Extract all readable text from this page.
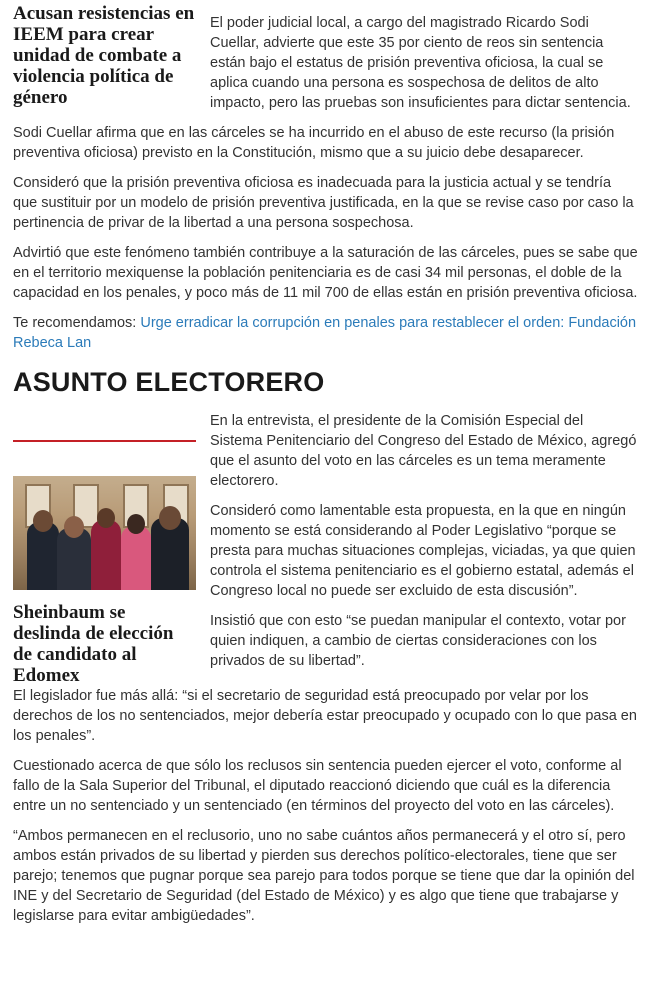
Acusan resistencias en IEEM para crear unidad de combate a violencia política de género

El poder judicial local, a cargo del magistrado Ricardo Sodi Cuellar, advierte que este 35 por ciento de reos sin sentencia están bajo el estatus de prisión preventiva oficiosa, la cual se aplica cuando una persona es sospechosa de delitos de alto impacto, pero las pruebas son insuficientes para dictar sentencia.

Sodi Cuellar afirma que en las cárceles se ha incurrido en el abuso de este recurso (la prisión preventiva oficiosa) previsto en la Constitución, mismo que a su juicio debe desaparecer.

Consideró que la prisión preventiva oficiosa es inadecuada para la justicia actual y se tendría que sustituir por un modelo de prisión preventiva justificada, en la que se revise caso por caso la pertinencia de privar de la libertad a una persona sospechosa.

Advirtió que este fenómeno también contribuye a la saturación de las cárceles, pues se sabe que en el territorio mexiquense la población penitenciaria es de casi 34 mil personas, el doble de la capacidad en los penales, y poco más de 11 mil 700 de ellas están en prisión preventiva oficiosa.

Te recomendamos: Urge erradicar la corrupción en penales para restablecer el orden: Fundación Rebeca Lan
ASUNTO ELECTORERO
Sheinbaum se deslinda de elección de candidato al Edomex

En la entrevista, el presidente de la Comisión Especial del Sistema Penitenciario del Congreso del Estado de México, agregó que el asunto del voto en las cárceles es un tema meramente electorero.

Consideró como lamentable esta propuesta, en la que en ningún momento se está considerando al Poder Legislativo “porque se presta para muchas situaciones complejas, viciadas, ya que quien controla el sistema penitenciario es el gobierno estatal, además el Congreso local no puede ser excluido de esta discusión”.

Insistió que con esto “se puedan manipular el contexto, votar por quien indiquen, a cambio de ciertas consideraciones con los privados de su libertad”.

El legislador fue más allá: “si el secretario de seguridad está preocupado por velar por los derechos de los no sentenciados, mejor debería estar preocupado y ocupado con lo que pasa en los penales”.

Cuestionado acerca de que sólo los reclusos sin sentencia pueden ejercer el voto, conforme al fallo de la Sala Superior del Tribunal, el diputado reaccionó diciendo que cuál es la diferencia entre un no sentenciado y un sentenciado (en términos del proyecto del voto en las cárceles).

“Ambos permanecen en el reclusorio, uno no sabe cuántos años permanecerá y el otro sí, pero ambos están privados de su libertad y pierden sus derechos político-electorales, tiene que ser parejo; tenemos que pugnar porque sea parejo para todos porque se tiene que dar la opinión del INE y del Secretario de Seguridad (del Estado de México) y es algo que tiene que trabajarse y legislarse para evitar ambigüedades”.
